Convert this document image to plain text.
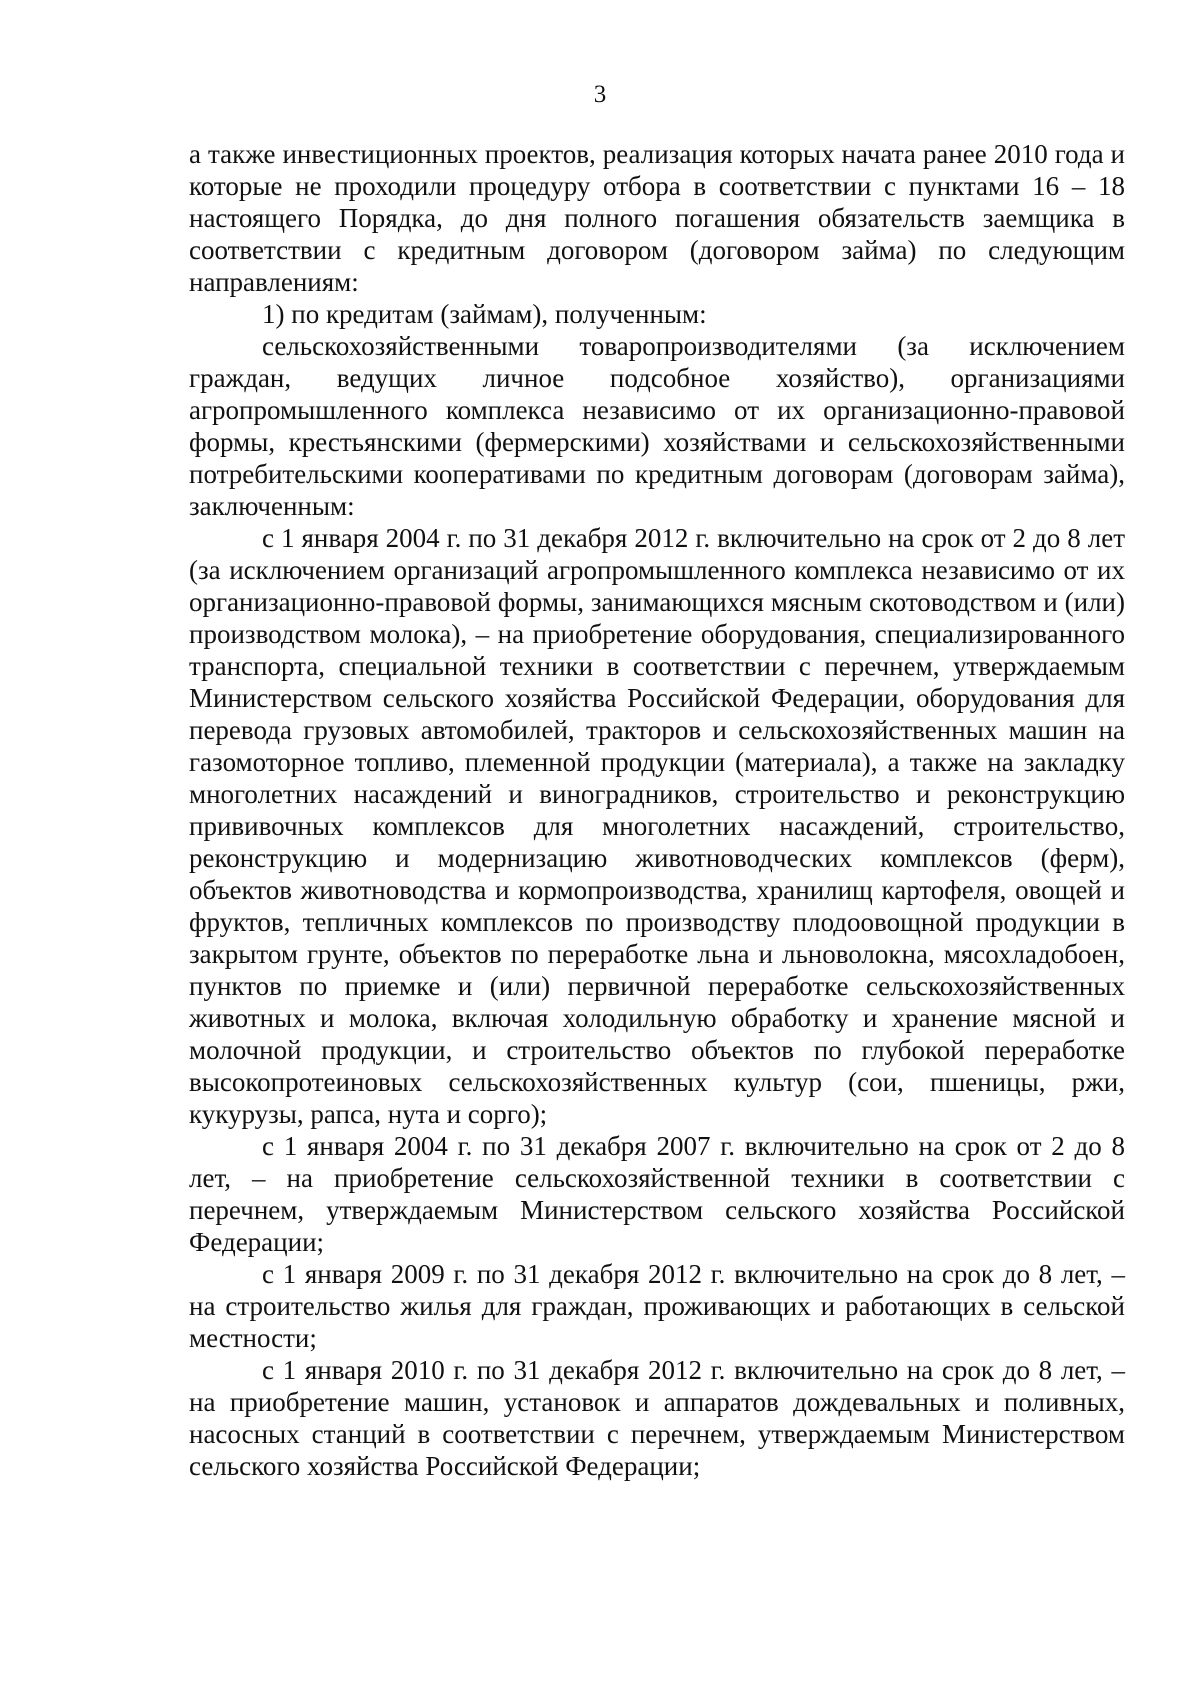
3

а также инвестиционных проектов, реализация которых начата ранее 2010 года и которые не проходили процедуру отбора в соответствии с пунктами 16 – 18 настоящего Порядка, до дня полного погашения обязательств заемщика в соответствии с кредитным договором (договором займа) по следующим направлениям:

1) по кредитам (займам), полученным:

сельскохозяйственными товаропроизводителями (за исключением граждан, ведущих личное подсобное хозяйство), организациями агропромышленного комплекса независимо от их организационно-правовой формы, крестьянскими (фермерскими) хозяйствами и сельскохозяйственными потребительскими кооперативами по кредитным договорам (договорам займа), заключенным:

с 1 января 2004 г. по 31 декабря 2012 г. включительно на срок от 2 до 8 лет (за исключением организаций агропромышленного комплекса независимо от их организационно-правовой формы, занимающихся мясным скотоводством и (или) производством молока), – на приобретение оборудования, специализированного транспорта, специальной техники в соответствии с перечнем, утверждаемым Министерством сельского хозяйства Российской Федерации, оборудования для перевода грузовых автомобилей, тракторов и сельскохозяйственных машин на газомоторное топливо, племенной продукции (материала), а также на закладку многолетних насаждений и виноградников, строительство и реконструкцию прививочных комплексов для многолетних насаждений, строительство, реконструкцию и модернизацию животноводческих комплексов (ферм), объектов животноводства и кормопроизводства, хранилищ картофеля, овощей и фруктов, тепличных комплексов по производству плодоовощной продукции в закрытом грунте, объектов по переработке льна и льноволокна, мясохладобоен, пунктов по приемке и (или) первичной переработке сельскохозяйственных животных и молока, включая холодильную обработку и хранение мясной и молочной продукции, и строительство объектов по глубокой переработке высокопротеиновых сельскохозяйственных культур (сои, пшеницы, ржи, кукурузы, рапса, нута и сорго);

с 1 января 2004 г. по 31 декабря 2007 г. включительно на срок от 2 до 8 лет, – на приобретение сельскохозяйственной техники в соответствии с перечнем, утверждаемым Министерством сельского хозяйства Российской Федерации;

с 1 января 2009 г. по 31 декабря 2012 г. включительно на срок до 8 лет, – на строительство жилья для граждан, проживающих и работающих в сельской местности;

с 1 января 2010 г. по 31 декабря 2012 г. включительно на срок до 8 лет, – на приобретение машин, установок и аппаратов дождевальных и поливных, насосных станций в соответствии с перечнем, утверждаемым Министерством сельского хозяйства Российской Федерации;
